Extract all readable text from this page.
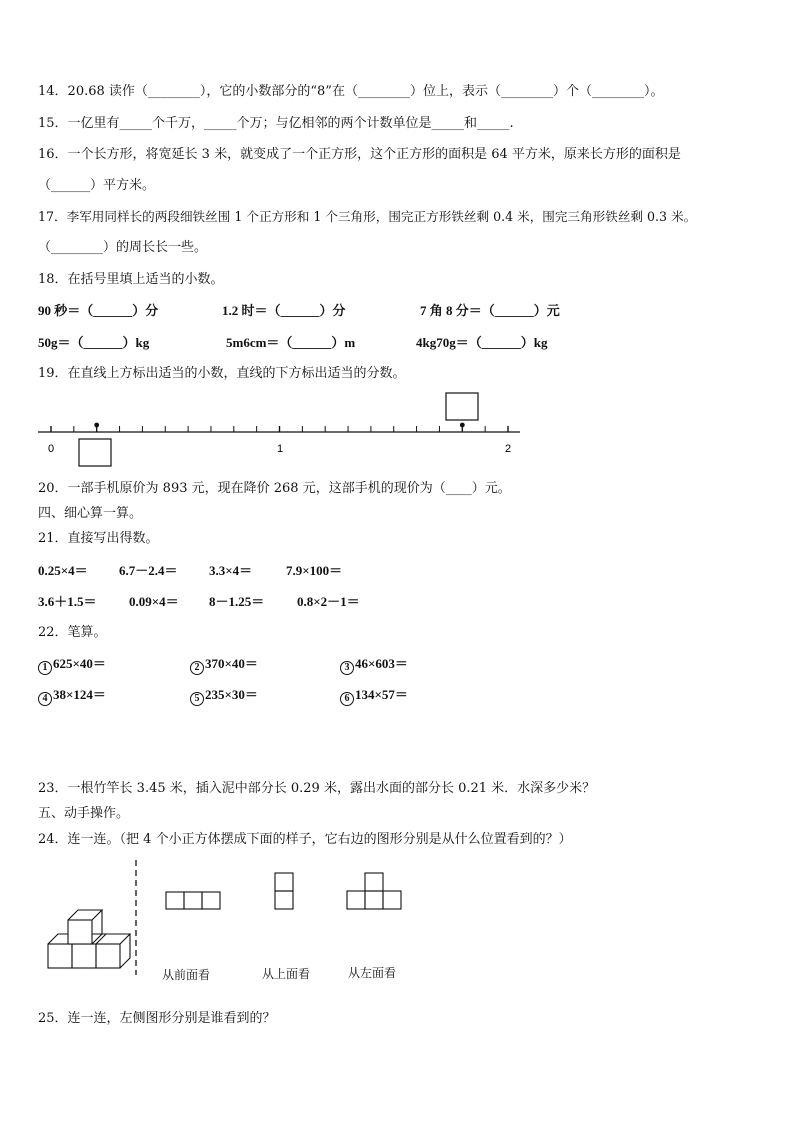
14．20.68 读作（________），它的小数部分的“8”在（________）位上，表示（________）个（________）。
15．一亿里有_____个千万，_____个万；与亿相邻的两个计数单位是_____和_____.
16．一个长方形，将宽延长 3 米，就变成了一个正方形，这个正方形的面积是 64 平方米，原来长方形的面积是
（______）平方米。
17．李军用同样长的两段细铁丝围 1 个正方形和 1 个三角形，围完正方形铁丝剩 0.4 米，围完三角形铁丝剩 0.3 米。
（________）的周长长一些。
18．在括号里填上适当的小数。
90 秒＝（______）分	1.2 时＝（______）分	7 角 8 分＝（______）元
50g＝（______）kg	5m6cm＝（______）m	4kg70g＝（______）kg
19．在直线上方标出适当的小数，直线的下方标出适当的分数。
0	1	2
20．一部手机原价为 893 元，现在降价 268 元，这部手机的现价为（____）元。
四、细心算一算。
21．直接写出得数。
0.25×4＝ 6.7－2.4＝ 3.3×4＝	7.9×100＝
3.6＋1.5＝ 0.09×4＝ 8－1.25＝	0.8×2－1＝
22．笔算。
1 625×40＝	2 370×40＝	3 46×603＝
4 38×124＝	5 235×30＝	6 134×57＝
23．一根竹竿长 3.45 米，插入泥中部分长 0.29 米，露出水面的部分长 0.21 米．水深多少米？
五、动手操作。
24．连一连。（把 4 个小正方体摆成下面的样子，它右边的图形分别是从什么位置看到的？）
从前面看	从上面看	从左面看
25．连一连，左侧图形分别是谁看到的？
